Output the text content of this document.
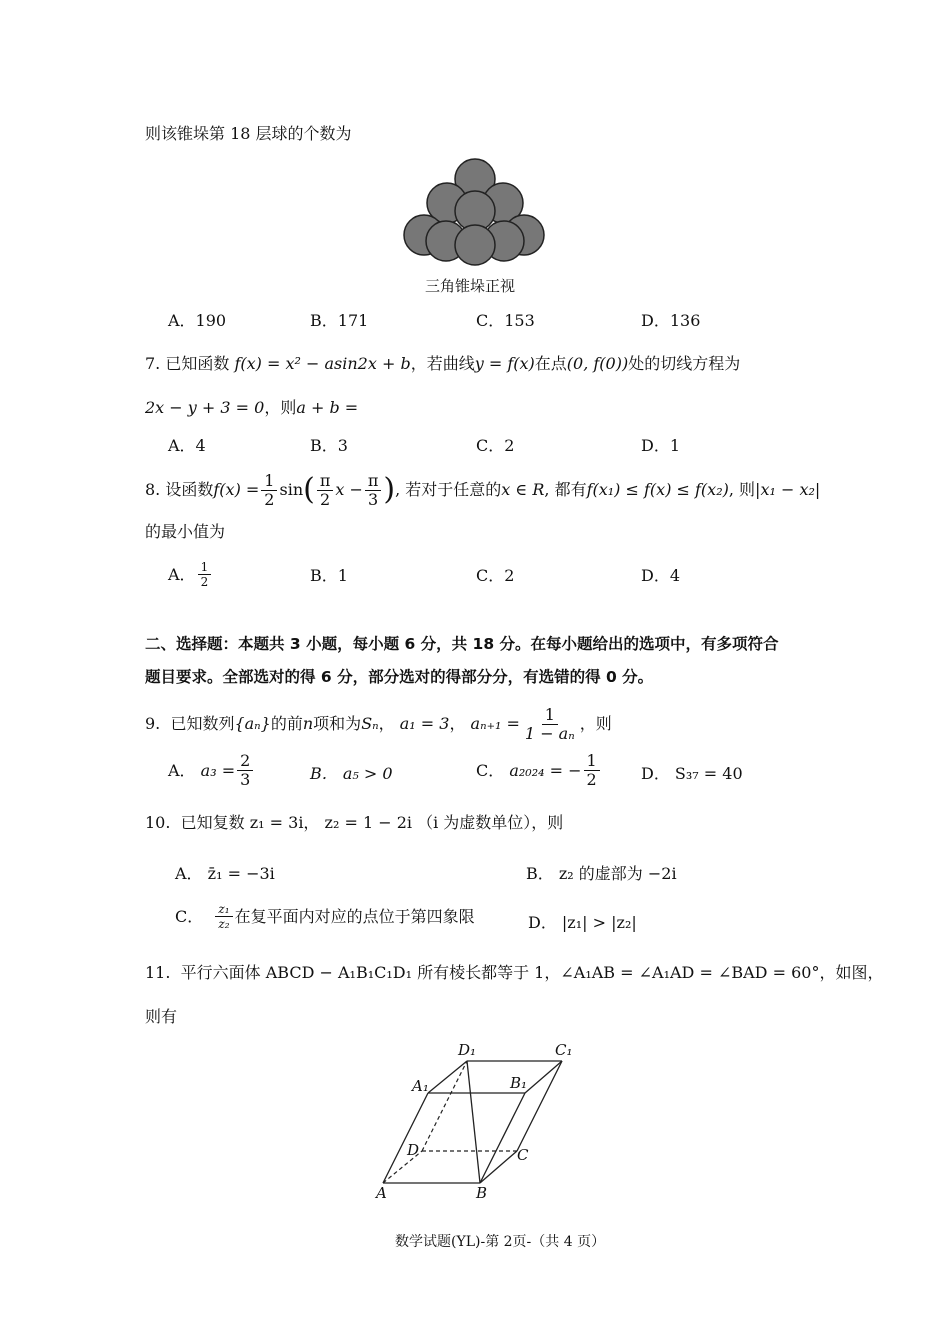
则该锥垛第 18 层球的个数为
三角锥垛正视
A．190	B．171	C．153	D．136
7. 已知函数 f(x) = x² − asin2x + b，若曲线y = f(x)在点(0, f(0))处的切线方程为
2x − y + 3 = 0，则a + b =
A．4	B．3	C．2	D．1
8.
设函数 $f(x) = \frac{1}{2}$ sin ( $\frac{\pi}{2}$ $x - \frac{\pi}{3}$ ) , 若对于任意的 x ∈ R , 都有 f(x₁) ≤ f(x) ≤ f(x₂) , 则 |x₁ − x₂|
的最小值为
A． $\frac{1}{2}$	B．1	C．2	D．4
二、选择题：本题共 3 小题，每小题 6 分，共 18 分。在每小题给出的选项中，有多项符合
题目要求。全部选对的得 6 分，部分选对的得部分分，有选错的得 0 分。
9.
已知数列 {aₙ} 的前 n 项和为 Sₙ ， a₁ = 3 ， $a_{n+1} = \frac{1}{\text{1 − aₙ}}$ ，则
A．
$a_3 = \frac{2}{3}$	B． a₅ > 0	C．
a₂₀₂₄ = − $\frac{1}{2}$	D． S₃₇ = 40
10. 已知复数 z₁ = 3i， z₂ = 1 − 2i （i 为虚数单位），则
A． z̄₁ = −3i	B． z₂ 的虚部为 −2i
C．
$\frac{\text{z₁}}{\text{z₂}}$ 在复平面内对应的点位于第四象限	D． |z₁| > |z₂|
11. 平行六面体 ABCD − A₁B₁C₁D₁ 所有棱长都等于 1，∠A₁AB = ∠A₁AD = ∠BAD = 60°，如图，
则有
D₁	C₁
A₁	B₁
D	C
A	B
数学试题(YL)-第 2页-（共 4 页）
